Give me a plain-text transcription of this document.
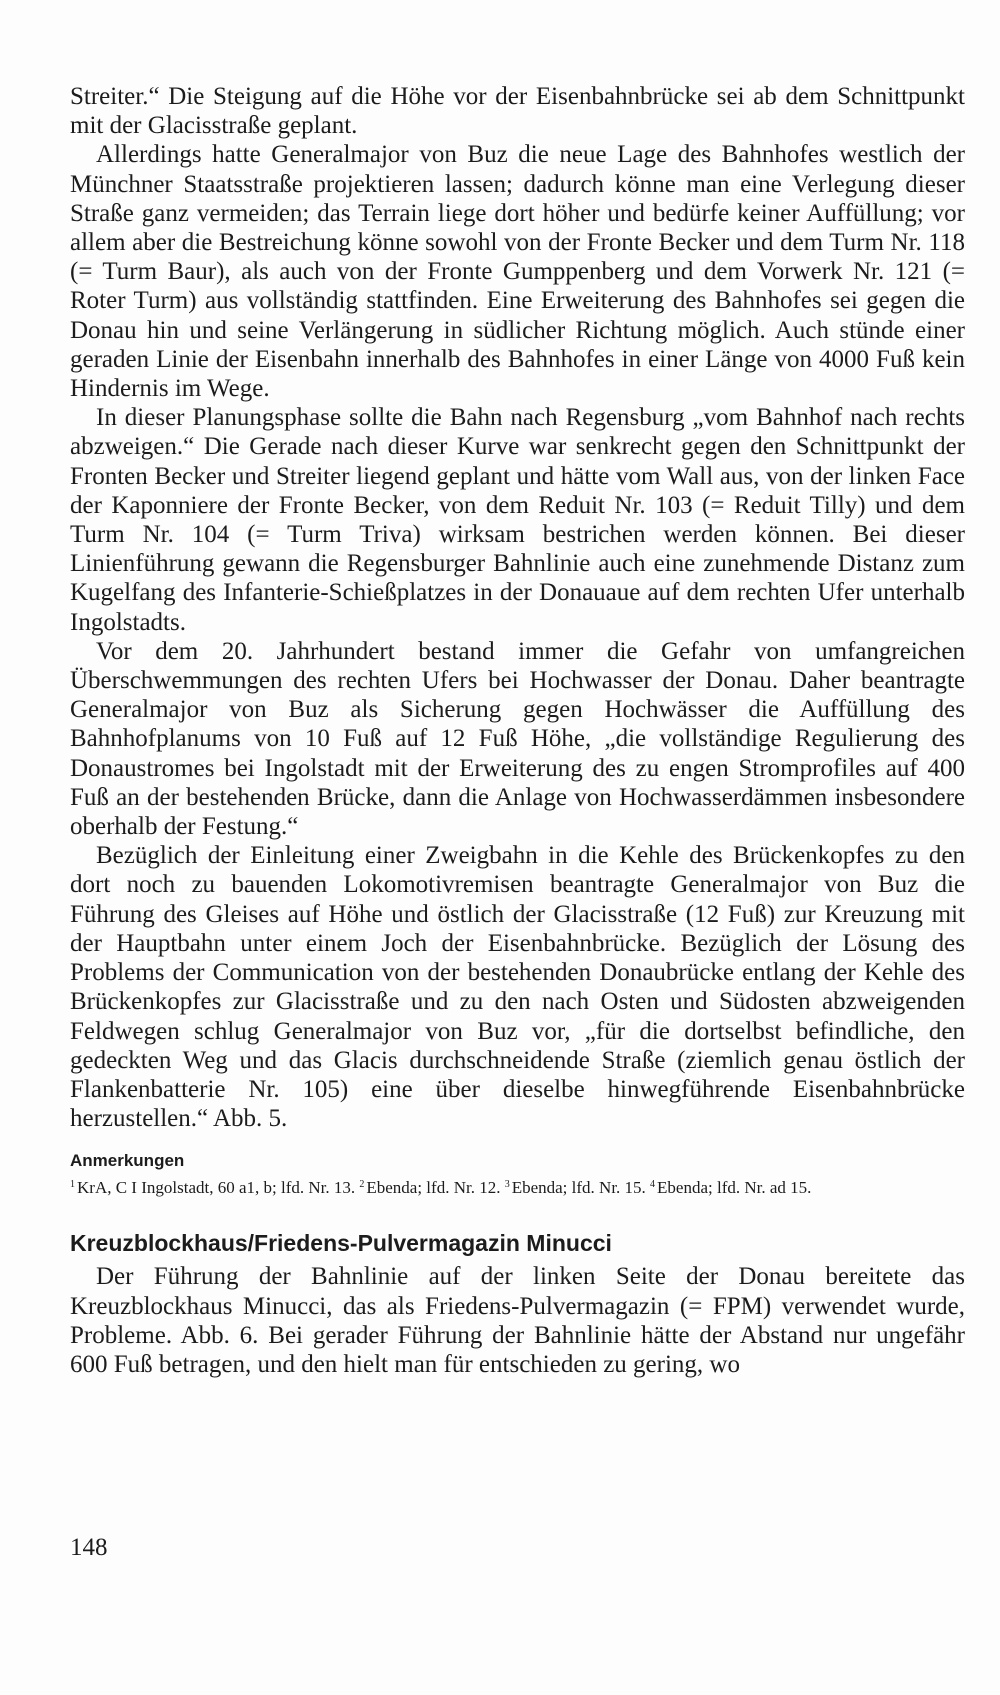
Streiter.“ Die Steigung auf die Höhe vor der Eisenbahnbrücke sei ab dem Schnittpunkt mit der Glacisstraße geplant.

Allerdings hatte Generalmajor von Buz die neue Lage des Bahnhofes westlich der Münchner Staatsstraße projektieren lassen; dadurch könne man eine Verlegung dieser Straße ganz vermeiden; das Terrain liege dort höher und bedürfe keiner Auffüllung; vor allem aber die Bestreichung könne sowohl von der Fronte Becker und dem Turm Nr. 118 (= Turm Baur), als auch von der Fronte Gumppenberg und dem Vorwerk Nr. 121 (= Roter Turm) aus vollständig stattfinden. Eine Erweiterung des Bahnhofes sei gegen die Donau hin und seine Verlängerung in südlicher Richtung möglich. Auch stünde einer geraden Linie der Eisenbahn innerhalb des Bahnhofes in einer Länge von 4000 Fuß kein Hindernis im Wege.

In dieser Planungsphase sollte die Bahn nach Regensburg „vom Bahnhof nach rechts abzweigen.“ Die Gerade nach dieser Kurve war senkrecht gegen den Schnittpunkt der Fronten Becker und Streiter liegend geplant und hätte vom Wall aus, von der linken Face der Kaponniere der Fronte Becker, von dem Reduit Nr. 103 (= Reduit Tilly) und dem Turm Nr. 104 (= Turm Triva) wirksam bestrichen werden können. Bei dieser Linienführung gewann die Regensburger Bahnlinie auch eine zunehmende Distanz zum Kugelfang des Infanterie-Schießplatzes in der Donauaue auf dem rechten Ufer unterhalb Ingolstadts.

Vor dem 20. Jahrhundert bestand immer die Gefahr von umfangreichen Überschwemmungen des rechten Ufers bei Hochwasser der Donau. Daher beantragte Generalmajor von Buz als Sicherung gegen Hochwässer die Auffüllung des Bahnhofplanums von 10 Fuß auf 12 Fuß Höhe, „die vollständige Regulierung des Donaustromes bei Ingolstadt mit der Erweiterung des zu engen Stromprofiles auf 400 Fuß an der bestehenden Brücke, dann die Anlage von Hochwasserdämmen insbesondere oberhalb der Festung.“

Bezüglich der Einleitung einer Zweigbahn in die Kehle des Brückenkopfes zu den dort noch zu bauenden Lokomotivremisen beantragte Generalmajor von Buz die Führung des Gleises auf Höhe und östlich der Glacisstraße (12 Fuß) zur Kreuzung mit der Hauptbahn unter einem Joch der Eisenbahnbrücke. Bezüglich der Lösung des Problems der Communication von der bestehenden Donaubrücke entlang der Kehle des Brückenkopfes zur Glacisstraße und zu den nach Osten und Südosten abzweigenden Feldwegen schlug Generalmajor von Buz vor, „für die dortselbst befindliche, den gedeckten Weg und das Glacis durchschneidende Straße (ziemlich genau östlich der Flankenbatterie Nr. 105) eine über dieselbe hinwegführende Eisenbahnbrücke herzustellen.“ Abb. 5.

Anmerkungen
$^1$ KrA, C I Ingolstadt, 60 a1, b; lfd. Nr. 13. $^2$ Ebenda; lfd. Nr. 12. $^3$ Ebenda; lfd. Nr. 15. $^4$ Ebenda; lfd. Nr. ad 15.
Kreuzblockhaus/Friedens-Pulvermagazin Minucci

Der Führung der Bahnlinie auf der linken Seite der Donau bereitete das Kreuzblockhaus Minucci, das als Friedens-Pulvermagazin (= FPM) verwendet wurde, Probleme. Abb. 6. Bei gerader Führung der Bahnlinie hätte der Abstand nur ungefähr 600 Fuß betragen, und den hielt man für entschieden zu gering, wo

148
